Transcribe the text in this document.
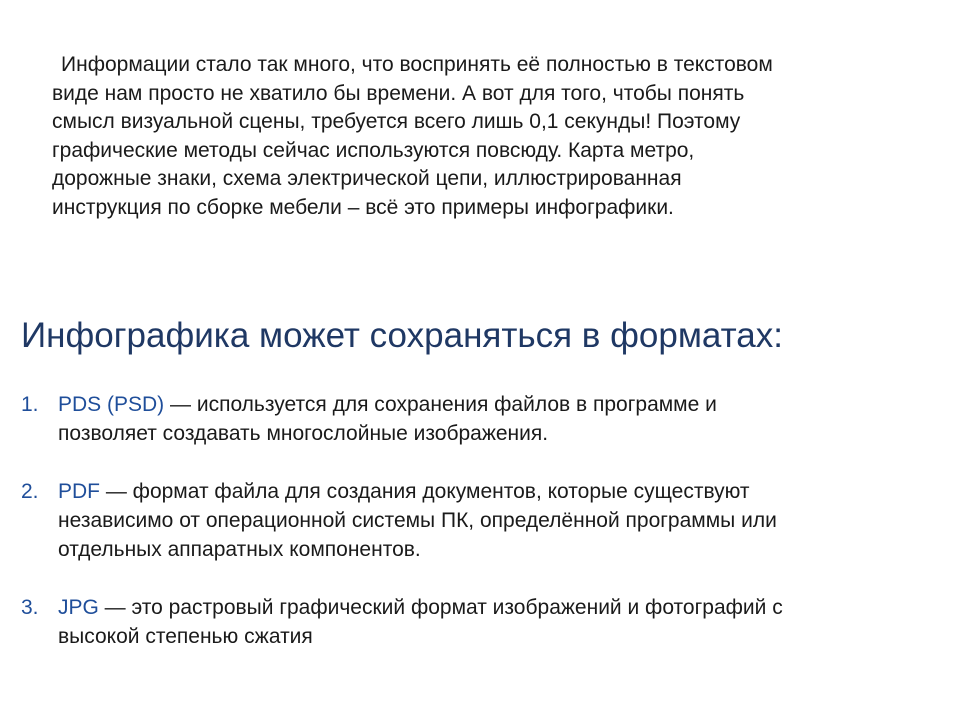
Информации стало так много, что воспринять её полностью в текстовом
виде нам просто не хватило бы времени. А вот для того, чтобы понять
смысл визуальной сцены, требуется всего лишь 0,1 секунды! Поэтому
графические методы сейчас используются повсюду. Карта метро,
дорожные знаки, схема электрической цепи, иллюстрированная
инструкция по сборке мебели – всё это примеры инфографики.
Инфографика может сохраняться в форматах:
1. PDS (PSD) — используется для сохранения файлов в программе и
позволяет создавать многослойные изображения.
2. PDF — формат файла для создания документов, которые существуют
независимо от операционной системы ПК, определённой программы или
отдельных аппаратных компонентов.
3. JPG — это растровый графический формат изображений и фотографий с
высокой степенью сжатия
